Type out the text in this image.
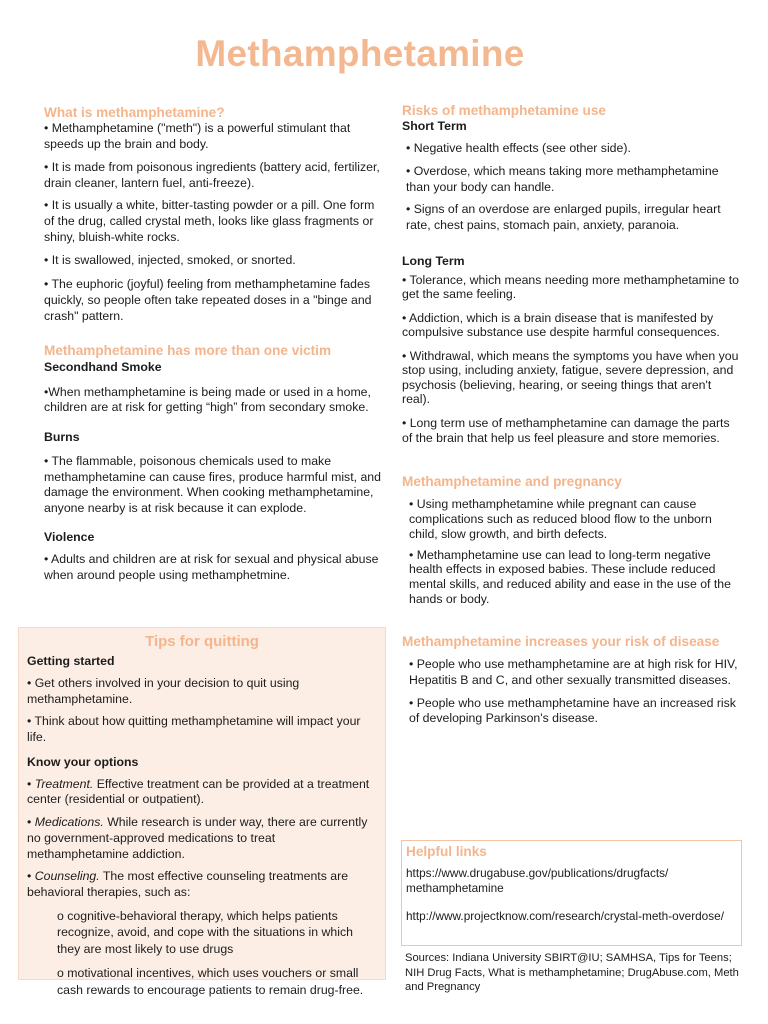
Methamphetamine
What is methamphetamine?

• Methamphetamine ("meth") is a powerful stimulant that speeds up the brain and body.

• It is made from poisonous ingredients (battery acid, fertilizer, drain cleaner, lantern fuel, anti-freeze).

• It is usually a white, bitter-tasting powder or a pill. One form of the drug, called crystal meth, looks like glass fragments or shiny, bluish-white rocks.

• It is swallowed, injected, smoked, or snorted.

• The euphoric (joyful) feeling from methamphetamine fades quickly, so people often take repeated doses in a "binge and crash" pattern.

Methamphetamine has more than one victim
Secondhand Smoke

•When methamphetamine is being made or used in a home, children are at risk for getting “high” from secondary smoke.

Burns

• The flammable, poisonous chemicals used to make methamphetamine can cause fires, produce harmful mist, and damage the environment. When cooking methamphetamine, anyone nearby is at risk because it can explode.

Violence

• Adults and children are at risk for sexual and physical abuse when around people using methamphetmine.

Tips for quitting
Getting started

• Get others involved in your decision to quit using methamphetamine.

• Think about how quitting methamphetamine will impact your life.

Know your options

• Treatment. Effective treatment can be provided at a treatment center (residential or outpatient).

• Medications. While research is under way, there are currently no government-approved medications to treat methamphetamine addiction.

• Counseling. The most effective counseling treatments are behavioral therapies, such as:

o cognitive-behavioral therapy, which helps patients recognize, avoid, and cope with the situations in which they are most likely to use drugs

o motivational incentives, which uses vouchers or small cash rewards to encourage patients to remain drug-free.

Risks of methamphetamine use
Short Term

• Negative health effects (see other side).

• Overdose, which means taking more methamphetamine than your body can handle.

• Signs of an overdose are enlarged pupils, irregular heart rate, chest pains, stomach pain, anxiety, paranoia.

Long Term

• Tolerance, which means needing more methamphetamine to get the same feeling.

• Addiction, which is a brain disease that is manifested by compulsive substance use despite harmful consequences.

• Withdrawal, which means the symptoms you have when you stop using, including anxiety, fatigue, severe depression, and psychosis (believing, hearing, or seeing things that aren't real).

• Long term use of methamphetamine can damage the parts of the brain that help us feel pleasure and store memories.

Methamphetamine and pregnancy

• Using methamphetamine while pregnant can cause complications such as reduced blood flow to the unborn child, slow growth, and birth defects.

• Methamphetamine use can lead to long-term negative health effects in exposed babies. These include reduced mental skills, and reduced ability and ease in the use of the hands or body.

Methamphetamine increases your risk of disease

• People who use methamphetamine are at high risk for HIV, Hepatitis B and C, and other sexually transmitted diseases.

• People who use methamphetamine have an increased risk of developing Parkinson's disease.

Helpful links

https://www.drugabuse.gov/publications/drugfacts/ methamphetamine

http://www.projectknow.com/research/crystal-meth-overdose/

Sources: Indiana University SBIRT@IU; SAMHSA, Tips for Teens; NIH Drug Facts, What is methamphetamine; DrugAbuse.com, Meth and Pregnancy
